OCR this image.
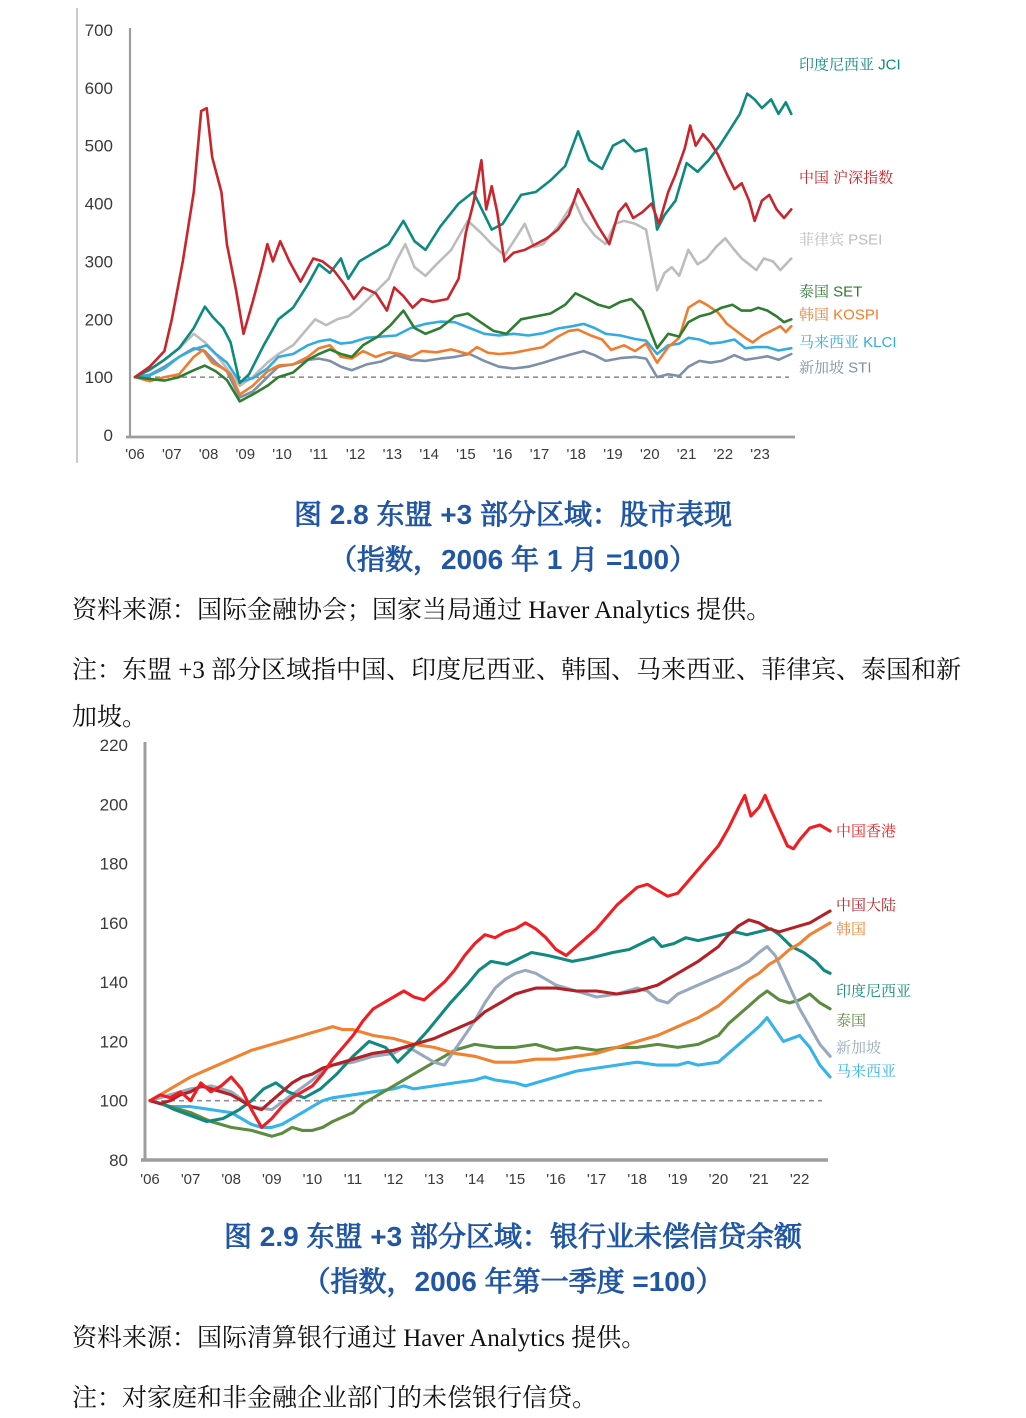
0
100
200
300
400
500
600
700
'06 '07 '08 '09 '10 '11 '12 '13 '14 '15 '16 '17 '18 '19 '20 '21 '22 '23
菲律宾 PSEI
新加坡 STI
马来西亚 KLCI
韩国 KOSPI
泰国 SET
印度尼西亚 JCI
中国 沪深指数
80
100
120
140
160
180
200
220
'06 '07 '08 '09 '10 '11 '12 '13 '14 '15 '16 '17 '18 '19 '20 '21 '22
马来西亚
泰国
新加坡
印度尼西亚
韩国
中国大陆
中国香港
图 2.8 东盟 +3 部分区域：股市表现
（指数，2006 年 1 月 =100）

资料来源：国际金融协会；国家当局通过 Haver Analytics 提供。

注：东盟 +3 部分区域指中国、印度尼西亚、韩国、马来西亚、菲律宾、泰国和新加坡。

图 2.9 东盟 +3 部分区域：银行业未偿信贷余额
（指数，2006 年第一季度 =100）

资料来源：国际清算银行通过 Haver Analytics 提供。

注：对家庭和非金融企业部门的未偿银行信贷。
